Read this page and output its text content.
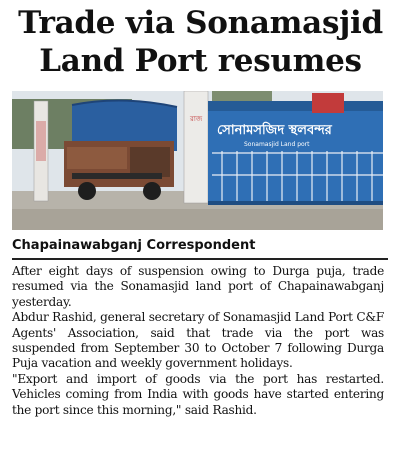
Trade via Sonamasjid Land Port resumes
রাজ
সোনামসজিদ স্থলবন্দর
Sonamasjid Land port

Chapainawabganj Correspondent

After eight days of suspension owing to Durga puja, trade resumed via the Sonamasjid land port of Chapainawabganj yesterday.

Abdur Rashid, general secretary of Sonamasjid Land Port C&F Agents' Association, said that trade via the port was suspended from September 30 to October 7 following Durga Puja vacation and weekly government holidays.

"Export and import of goods via the port has restarted. Vehicles coming from India with goods have started entering the port since this morning," said Rashid.
